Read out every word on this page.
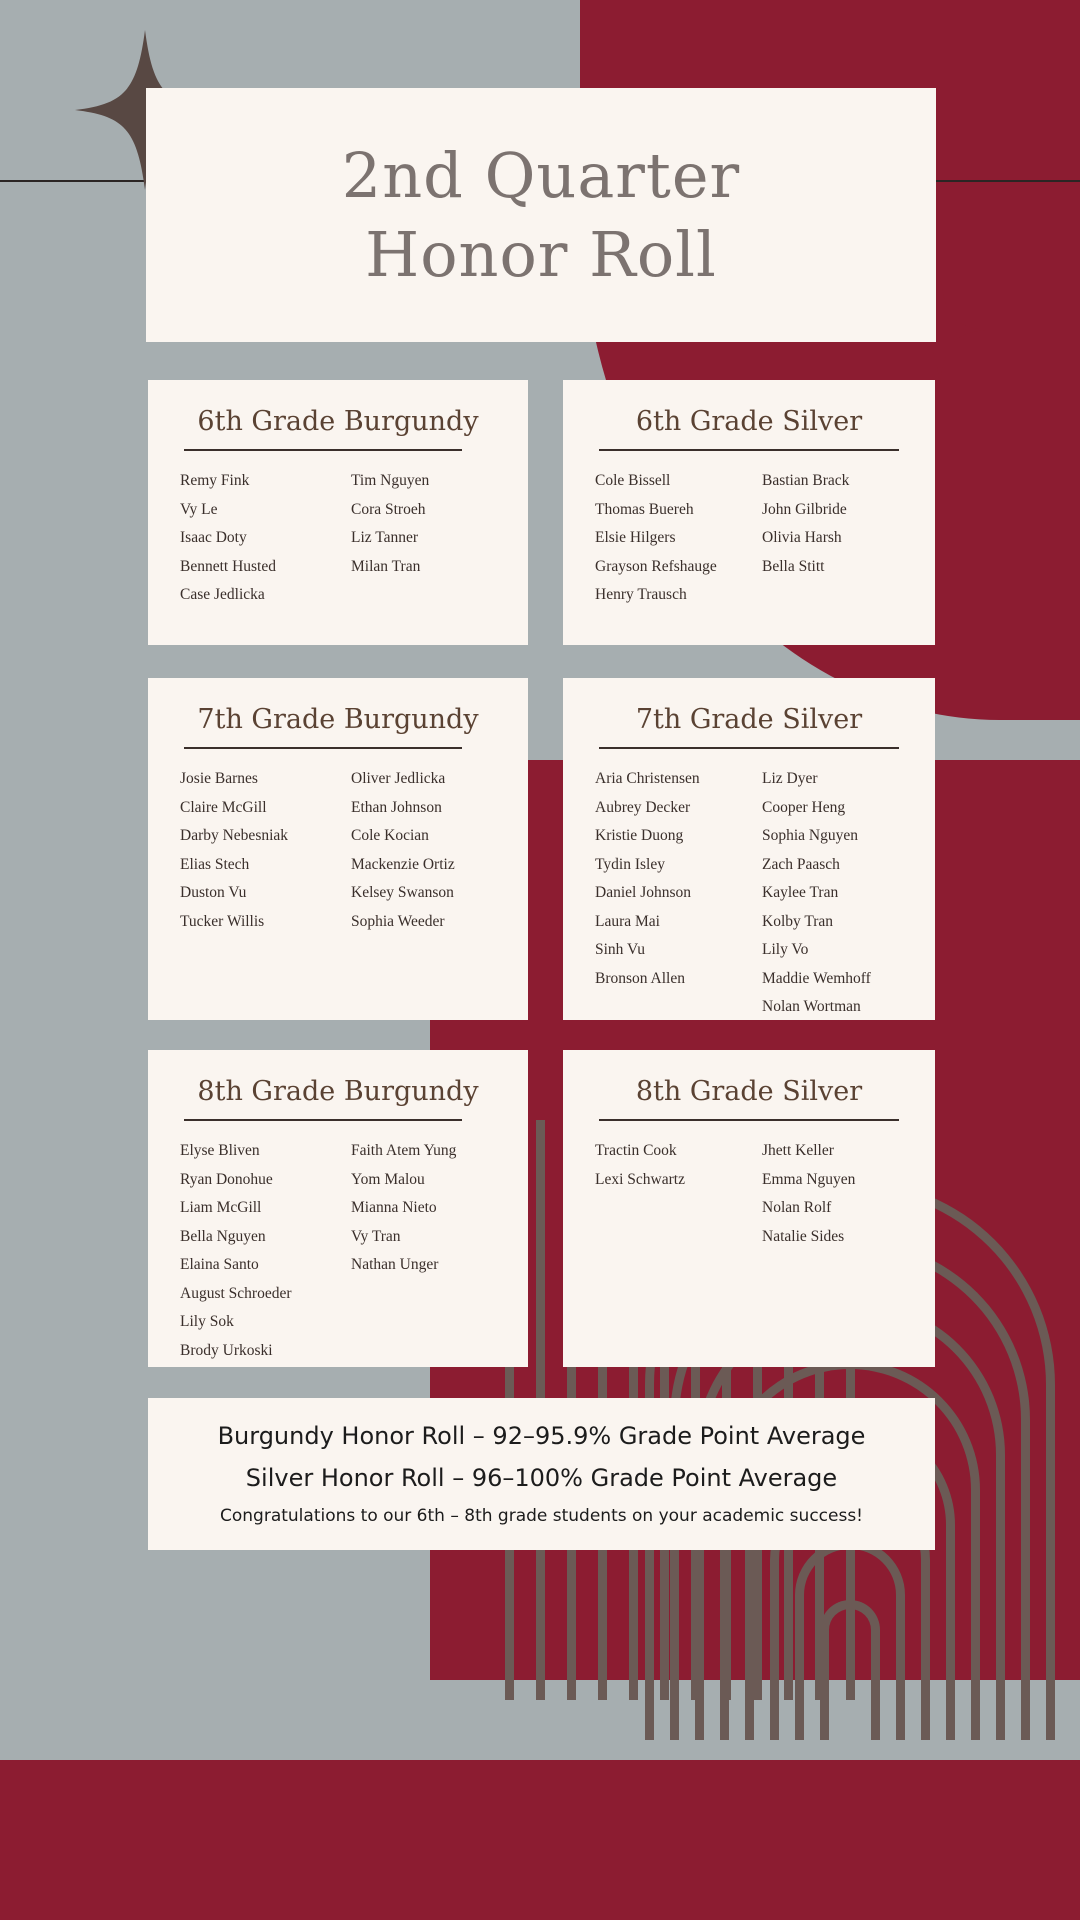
2nd Quarter
Honor Roll
6th Grade Burgundy
Remy Fink
Vy Le
Isaac Doty
Bennett Husted
Case Jedlicka
Tim Nguyen
Cora Stroeh
Liz Tanner
Milan Tran
6th Grade Silver
Cole Bissell
Thomas Buereh
Elsie Hilgers
Grayson Refshauge
Henry Trausch
Bastian Brack
John Gilbride
Olivia Harsh
Bella Stitt
7th Grade Burgundy
Josie Barnes
Claire McGill
Darby Nebesniak
Elias Stech
Duston Vu
Tucker Willis
Oliver Jedlicka
Ethan Johnson
Cole Kocian
Mackenzie Ortiz
Kelsey Swanson
Sophia Weeder
7th Grade Silver
Aria Christensen
Aubrey Decker
Kristie Duong
Tydin Isley
Daniel Johnson
Laura Mai
Sinh Vu
Bronson Allen
Liz Dyer
Cooper Heng
Sophia Nguyen
Zach Paasch
Kaylee Tran
Kolby Tran
Lily Vo
Maddie Wemhoff
Nolan Wortman
8th Grade Burgundy
Elyse Bliven
Ryan Donohue
Liam McGill
Bella Nguyen
Elaina Santo
August Schroeder
Lily Sok
Brody Urkoski
Faith Atem Yung
Yom Malou
Mianna Nieto
Vy Tran
Nathan Unger
8th Grade Silver
Tractin Cook
Lexi Schwartz
Jhett Keller
Emma Nguyen
Nolan Rolf
Natalie Sides
Burgundy Honor Roll – 92–95.9% Grade Point Average
Silver Honor Roll – 96–100% Grade Point Average
Congratulations to our 6th – 8th grade students on your academic success!
